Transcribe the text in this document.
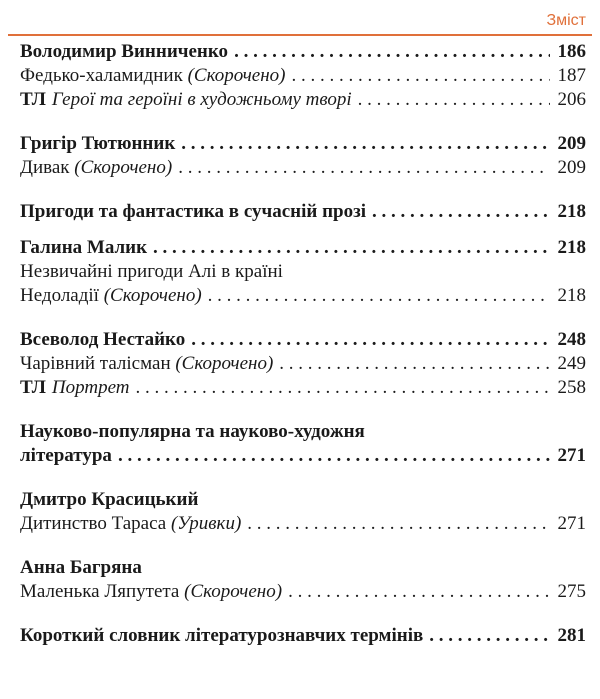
Зміст
Володимир Винниченко . . .	186
Федько-халамидник (Скорочено) . . .	187
ТЛ Герої та героїні в художньому творі . . .	206
Григір Тютюнник . . .	209
Дивак (Скорочено) . . .	209
Пригоди та фантастика в сучасній прозі . . .	218
Галина Малик . . .	218
Незвичайні пригоди Алі в країні
Недоладії (Скорочено) . . .	218
Всеволод Нестайко . . .	248
Чарівний талісман (Скорочено) . . .	249
ТЛ Портрет . . .	258
Науково-популярна та науково-художня
література . . .	271
Дмитро Красицький
Дитинство Тараса (Уривки) . . .	271
Анна Багряна
Маленька Ляпутета (Скорочено) . . .	275
Короткий словник літературознавчих термінів . . .	281
